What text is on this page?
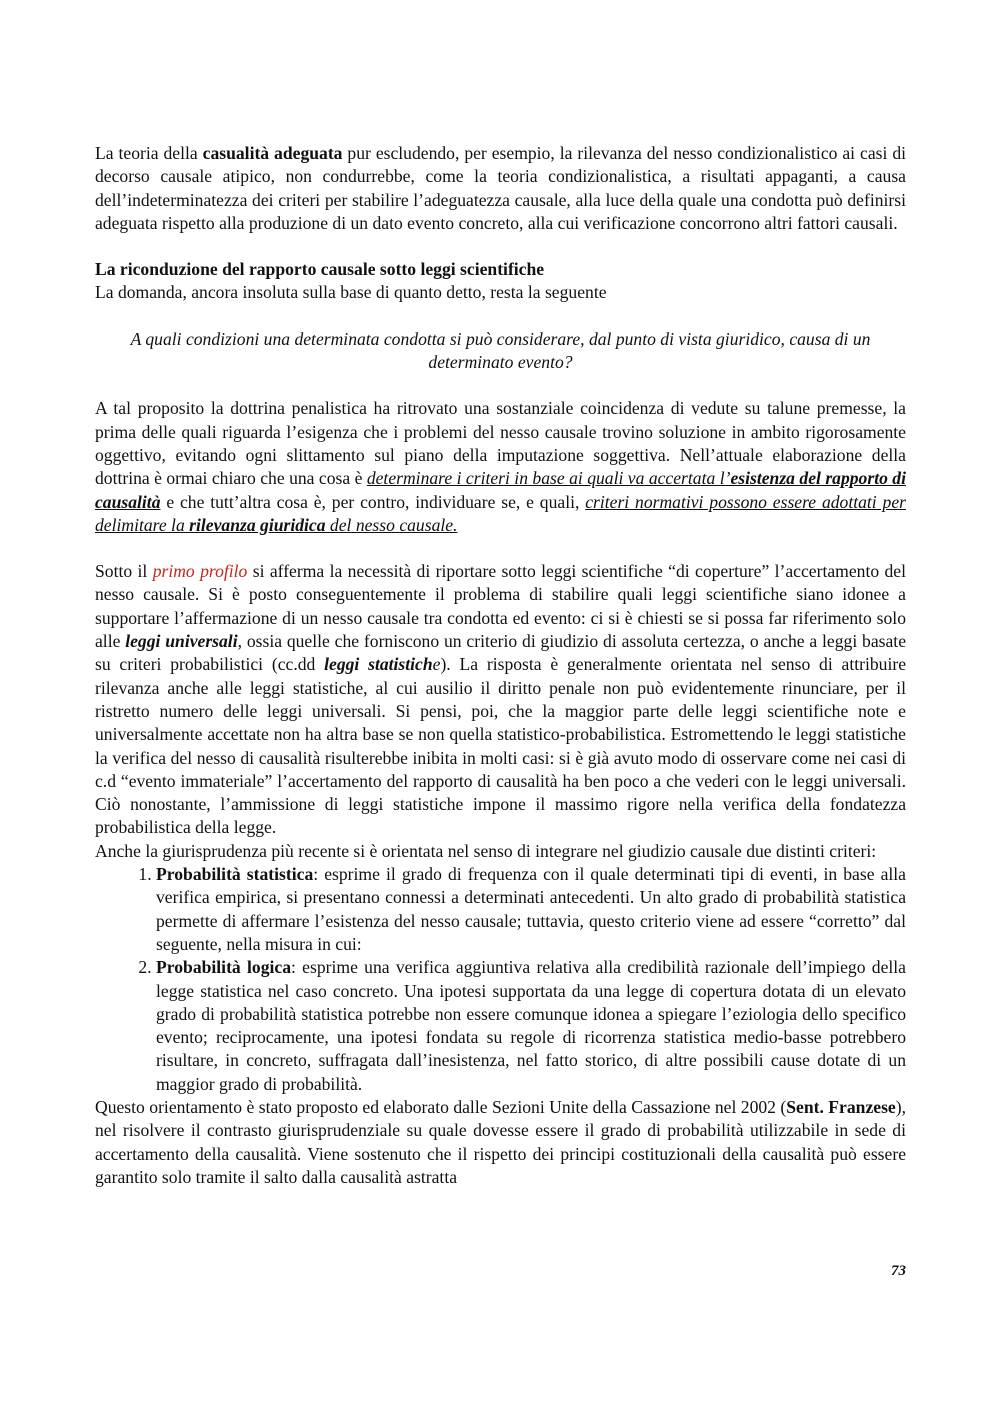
La teoria della casualità adeguata pur escludendo, per esempio, la rilevanza del nesso condizionalistico ai casi di decorso causale atipico, non condurrebbe, come la teoria condizionalistica, a risultati appaganti, a causa dell’indeterminatezza dei criteri per stabilire l’adeguatezza causale, alla luce della quale una condotta può definirsi adeguata rispetto alla produzione di un dato evento concreto, alla cui verificazione concorrono altri fattori causali.

La riconduzione del rapporto causale sotto leggi scientifiche

La domanda, ancora insoluta sulla base di quanto detto, resta la seguente

A quali condizioni una determinata condotta si può considerare, dal punto di vista giuridico, causa di un determinato evento?

A tal proposito la dottrina penalistica ha ritrovato una sostanziale coincidenza di vedute su talune premesse, la prima delle quali riguarda l’esigenza che i problemi del nesso causale trovino soluzione in ambito rigorosamente oggettivo, evitando ogni slittamento sul piano della imputazione soggettiva. Nell’attuale elaborazione della dottrina è ormai chiaro che una cosa è determinare i criteri in base ai quali va accertata l’esistenza del rapporto di causalità e che tutt’altra cosa è, per contro, individuare se, e quali, criteri normativi possono essere adottati per delimitare la rilevanza giuridica del nesso causale.

Sotto il primo profilo si afferma la necessità di riportare sotto leggi scientifiche “di coperture” l’accertamento del nesso causale. Si è posto conseguentemente il problema di stabilire quali leggi scientifiche siano idonee a supportare l’affermazione di un nesso causale tra condotta ed evento: ci si è chiesti se si possa far riferimento solo alle leggi universali, ossia quelle che forniscono un criterio di giudizio di assoluta certezza, o anche a leggi basate su criteri probabilistici (cc.dd leggi statistiche). La risposta è generalmente orientata nel senso di attribuire rilevanza anche alle leggi statistiche, al cui ausilio il diritto penale non può evidentemente rinunciare, per il ristretto numero delle leggi universali. Si pensi, poi, che la maggior parte delle leggi scientifiche note e universalmente accettate non ha altra base se non quella statistico-probabilistica. Estromettendo le leggi statistiche la verifica del nesso di causalità risulterebbe inibita in molti casi: si è già avuto modo di osservare come nei casi di c.d “evento immateriale” l’accertamento del rapporto di causalità ha ben poco a che vederi con le leggi universali. Ciò nonostante, l’ammissione di leggi statistiche impone il massimo rigore nella verifica della fondatezza probabilistica della legge.

Anche la giurisprudenza più recente si è orientata nel senso di integrare nel giudizio causale due distinti criteri:

1. Probabilità statistica: esprime il grado di frequenza con il quale determinati tipi di eventi, in base alla verifica empirica, si presentano connessi a determinati antecedenti. Un alto grado di probabilità statistica permette di affermare l’esistenza del nesso causale; tuttavia, questo criterio viene ad essere “corretto” dal seguente, nella misura in cui:
2. Probabilità logica: esprime una verifica aggiuntiva relativa alla credibilità razionale dell’impiego della legge statistica nel caso concreto. Una ipotesi supportata da una legge di copertura dotata di un elevato grado di probabilità statistica potrebbe non essere comunque idonea a spiegare l’eziologia dello specifico evento; reciprocamente, una ipotesi fondata su regole di ricorrenza statistica medio-basse potrebbero risultare, in concreto, suffragata dall’inesistenza, nel fatto storico, di altre possibili cause dotate di un maggior grado di probabilità.

Questo orientamento è stato proposto ed elaborato dalle Sezioni Unite della Cassazione nel 2002 (Sent. Franzese), nel risolvere il contrasto giurisprudenziale su quale dovesse essere il grado di probabilità utilizzabile in sede di accertamento della causalità. Viene sostenuto che il rispetto dei principi costituzionali della causalità può essere garantito solo tramite il salto dalla causalità astratta

73
